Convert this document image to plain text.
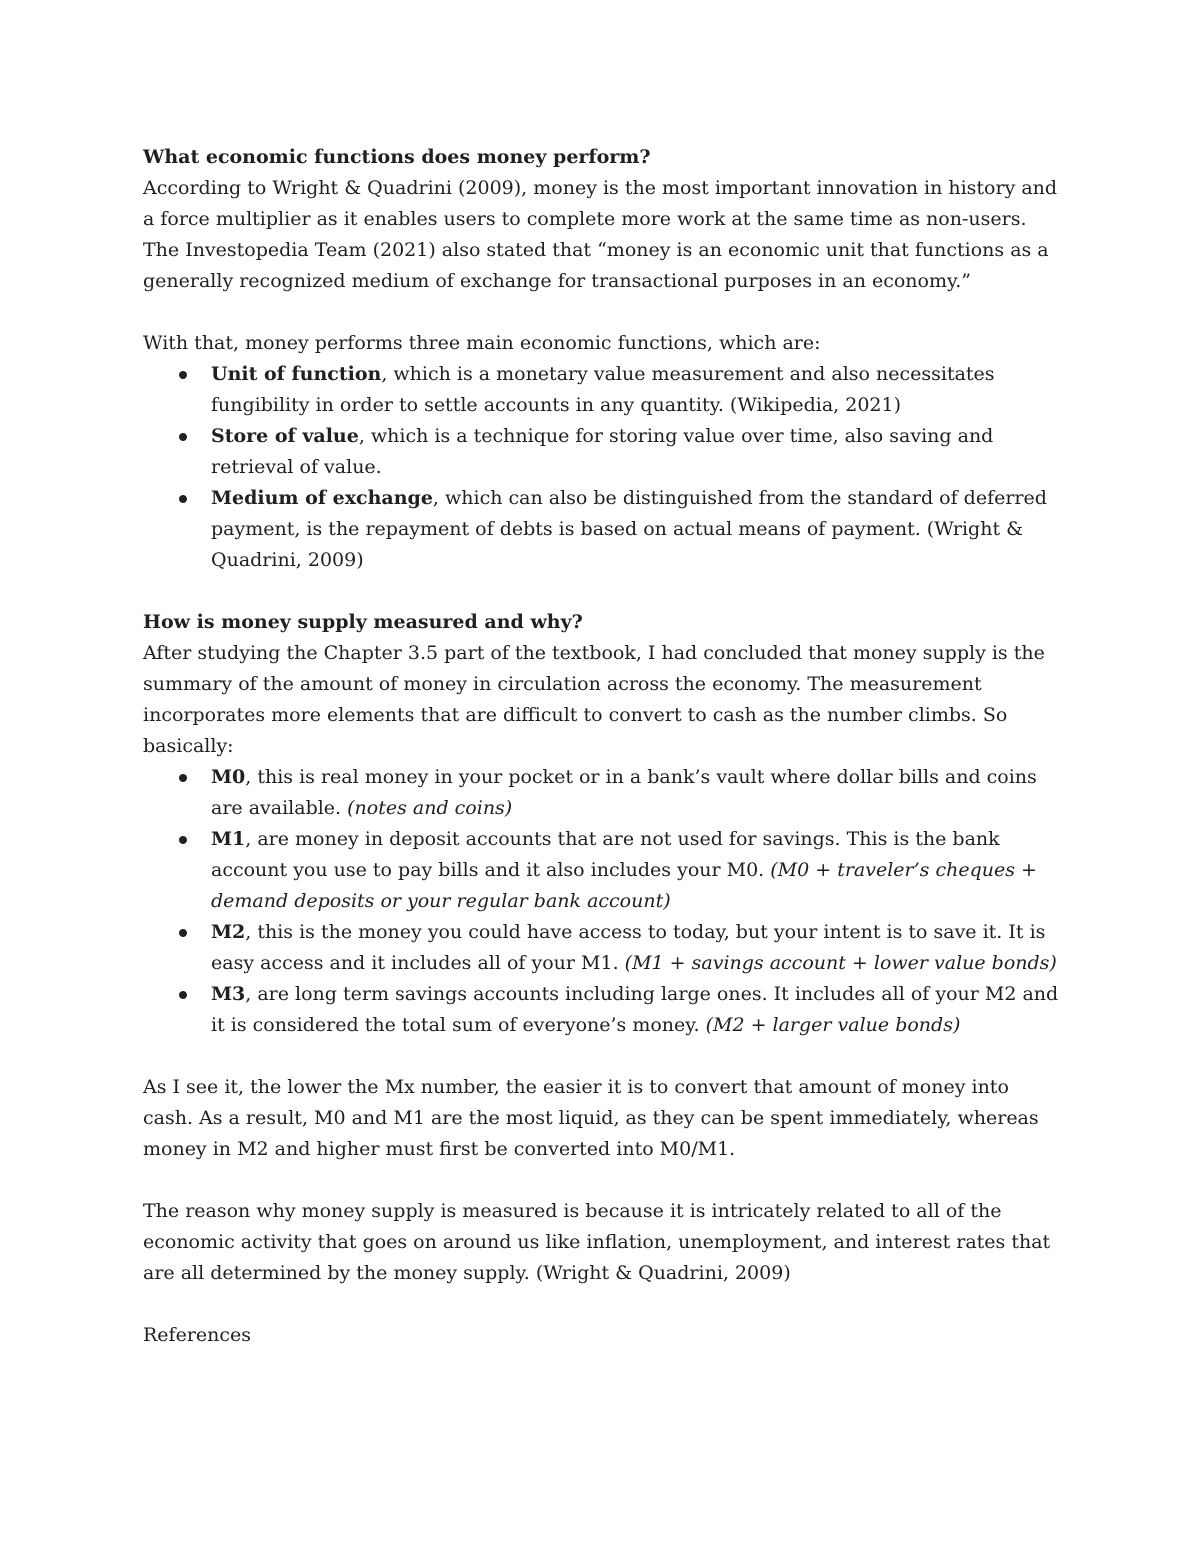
What economic functions does money perform?

According to Wright & Quadrini (2009), money is the most important innovation in history and a force multiplier as it enables users to complete more work at the same time as non-users. The Investopedia Team (2021) also stated that “money is an economic unit that functions as a generally recognized medium of exchange for transactional purposes in an economy.”

With that, money performs three main economic functions, which are:

Unit of function, which is a monetary value measurement and also necessitates fungibility in order to settle accounts in any quantity. (Wikipedia, 2021)
Store of value, which is a technique for storing value over time, also saving and retrieval of value.
Medium of exchange, which can also be distinguished from the standard of deferred payment, is the repayment of debts is based on actual means of payment. (Wright & Quadrini, 2009)

How is money supply measured and why?

After studying the Chapter 3.5 part of the textbook, I had concluded that money supply is the summary of the amount of money in circulation across the economy. The measurement incorporates more elements that are difficult to convert to cash as the number climbs. So basically:

M0, this is real money in your pocket or in a bank’s vault where dollar bills and coins are available. (notes and coins)
M1, are money in deposit accounts that are not used for savings. This is the bank account you use to pay bills and it also includes your M0. (M0 + traveler’s cheques + demand deposits or your regular bank account)
M2, this is the money you could have access to today, but your intent is to save it. It is easy access and it includes all of your M1. (M1 + savings account + lower value bonds)
M3, are long term savings accounts including large ones. It includes all of your M2 and it is considered the total sum of everyone’s money. (M2 + larger value bonds)

As I see it, the lower the Mx number, the easier it is to convert that amount of money into cash. As a result, M0 and M1 are the most liquid, as they can be spent immediately, whereas money in M2 and higher must first be converted into M0/M1.

The reason why money supply is measured is because it is intricately related to all of the economic activity that goes on around us like inflation, unemployment, and interest rates that are all determined by the money supply. (Wright & Quadrini, 2009)

References
